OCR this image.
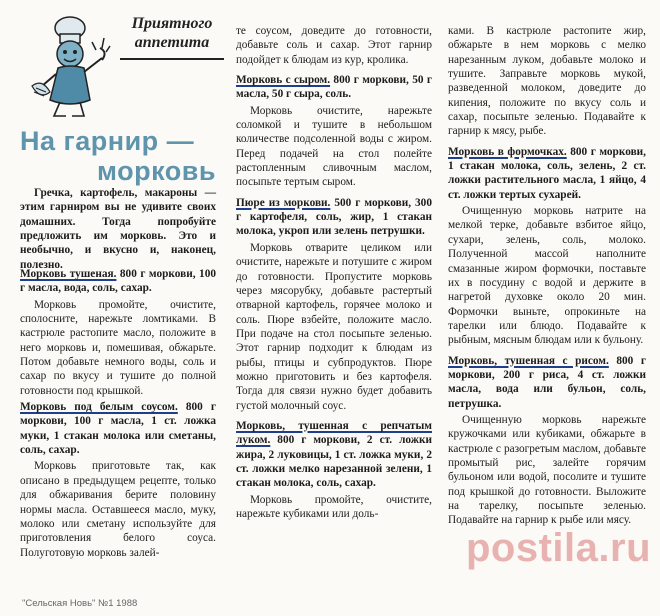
Приятного
аппетита
На гарнир —
морковь

Гречка, картофель, макароны — этим гарниром вы не удивите своих домашних. Тогда попробуйте предложить им морковь. Это и необычно, и вкусно и, наконец, полезно.

Морковь тушеная. 800 г моркови, 100 г масла, вода, соль, сахар.

Морковь промойте, очистите, сполосните, нарежьте ломтиками. В кастрюле растопите масло, положите в него морковь и, помешивая, обжарьте. Потом добавьте немного воды, соль и сахар по вкусу и тушите до полной готовности под крышкой.

Морковь под белым соусом. 800 г моркови, 100 г масла, 1 ст. ложка муки, 1 стакан молока или сметаны, соль, сахар.

Морковь приготовьте так, как описано в предыдущем рецепте, только для обжаривания берите половину нормы масла. Оставшееся масло, муку, молоко или сметану используйте для приготовления белого соуса. Полуготовую морковь залей-

те соусом, доведите до готовности, добавьте соль и сахар. Этот гарнир подойдет к блюдам из кур, кролика.

Морковь с сыром. 800 г моркови, 50 г масла, 50 г сыра, соль.

Морковь очистите, нарежьте соломкой и тушите в небольшом количестве подсоленной воды с жиром. Перед подачей на стол полейте растопленным сливочным маслом, посыпьте тертым сыром.

Пюре из моркови. 500 г моркови, 300 г картофеля, соль, жир, 1 стакан молока, укроп или зелень петрушки.

Морковь отварите целиком или очистите, нарежьте и потушите с жиром до готовности. Пропустите морковь через мясорубку, добавьте растертый отварной картофель, горячее молоко и соль. Пюре взбейте, положите масло. При подаче на стол посыпьте зеленью. Этот гарнир подходит к блюдам из рыбы, птицы и субпродуктов. Пюре можно приготовить и без картофеля. Тогда для связи нужно будет добавить густой молочный соус.

Морковь, тушенная с репчатым луком. 800 г моркови, 2 ст. ложки жира, 2 луковицы, 1 ст. ложка муки, 2 ст. ложки мелко нарезанной зелени, 1 стакан молока, соль, сахар.

Морковь промойте, очистите, нарежьте кубиками или доль-

ками. В кастрюле растопите жир, обжарьте в нем морковь с мелко нарезанным луком, добавьте молоко и тушите. Заправьте морковь мукой, разведенной молоком, доведите до кипения, положите по вкусу соль и сахар, посыпьте зеленью. Подавайте к гарнир к мясу, рыбе.

Морковь в формочках. 800 г моркови, 1 стакан молока, соль, зелень, 2 ст. ложки растительного масла, 1 яйцо, 4 ст. ложки тертых сухарей.

Очищенную морковь натрите на мелкой терке, добавьте взбитое яйцо, сухари, зелень, соль, молоко. Полученной массой наполните смазанные жиром формочки, поставьте их в посудину с водой и держите в нагретой духовке около 20 мин. Формочки выньте, опрокиньте на тарелки или блюдо. Подавайте к рыбным, мясным блюдам или к бульону.

Морковь, тушенная с рисом. 800 г моркови, 200 г риса, 4 ст. ложки масла, вода или бульон, соль, петрушка.

Очищенную морковь нарежьте кружочками или кубиками, обжарьте в кастрюле с разогретым маслом, добавьте промытый рис, залейте горячим бульоном или водой, посолите и тушите под крышкой до готовности. Выложите на тарелку, посыпьте зеленью. Подавайте на гарнир к рыбе или мясу.

postila.ru
"Сельская Новь" №1 1988
